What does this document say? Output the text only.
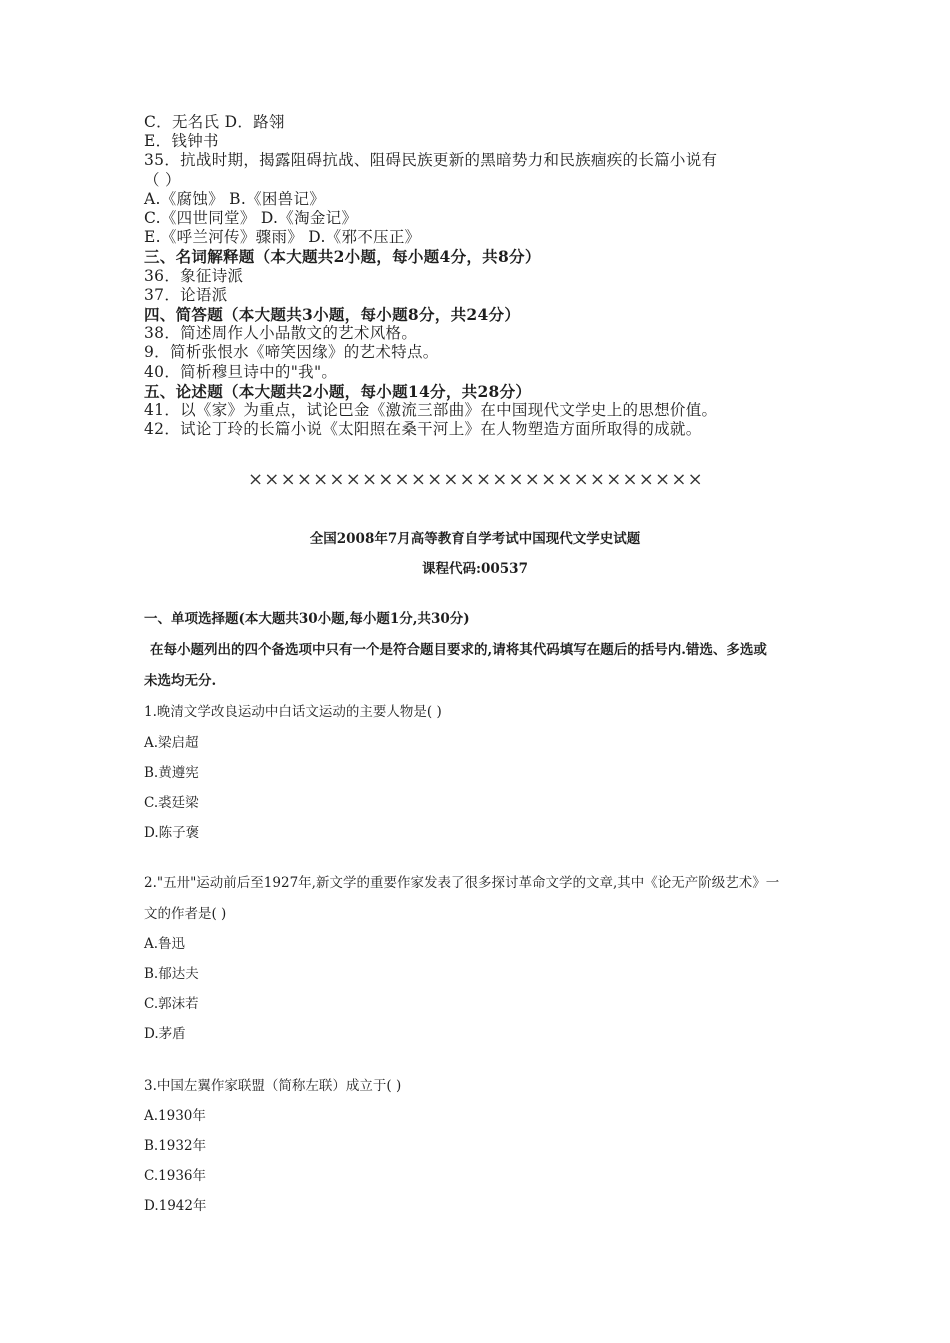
C．无名氏 D．路翎
E．钱钟书
35．抗战时期，揭露阻碍抗战、阻碍民族更新的黑暗势力和民族痼疾的长篇小说有
（ ）
A.《腐蚀》 B.《困兽记》
C.《四世同堂》 D.《淘金记》
E.《呼兰河传》骤雨》 D.《邪不压正》
三、名词解释题（本大题共2小题，每小题4分，共8分）
36．象征诗派
37．论语派
四、简答题（本大题共3小题，每小题8分，共24分）
38．简述周作人小品散文的艺术风格。
9．简析张恨水《啼笑因缘》的艺术特点。
40．简析穆旦诗中的"我"。
五、论述题（本大题共2小题，每小题14分，共28分）
41．以《家》为重点，试论巴金《激流三部曲》在中国现代文学史上的思想价值。
42．试论丁玲的长篇小说《太阳照在桑干河上》在人物塑造方面所取得的成就。
××××××××××××××××××××××××××××
全国2008年7月高等教育自学考试中国现代文学史试题
课程代码:00537
一、单项选择题(本大题共30小题,每小题1分,共30分)
在每小题列出的四个备选项中只有一个是符合题目要求的,请将其代码填写在题后的括号内.错选、多选或
未选均无分.
1.晚清文学改良运动中白话文运动的主要人物是( )
A.梁启超
B.黄遵宪
C.裘廷梁
D.陈子褒
2."五卅"运动前后至1927年,新文学的重要作家发表了很多探讨革命文学的文章,其中《论无产阶级艺术》一
文的作者是( )
A.鲁迅
B.郁达夫
C.郭沫若
D.茅盾
3.中国左翼作家联盟（简称左联）成立于( )
A.1930年
B.1932年
C.1936年
D.1942年
